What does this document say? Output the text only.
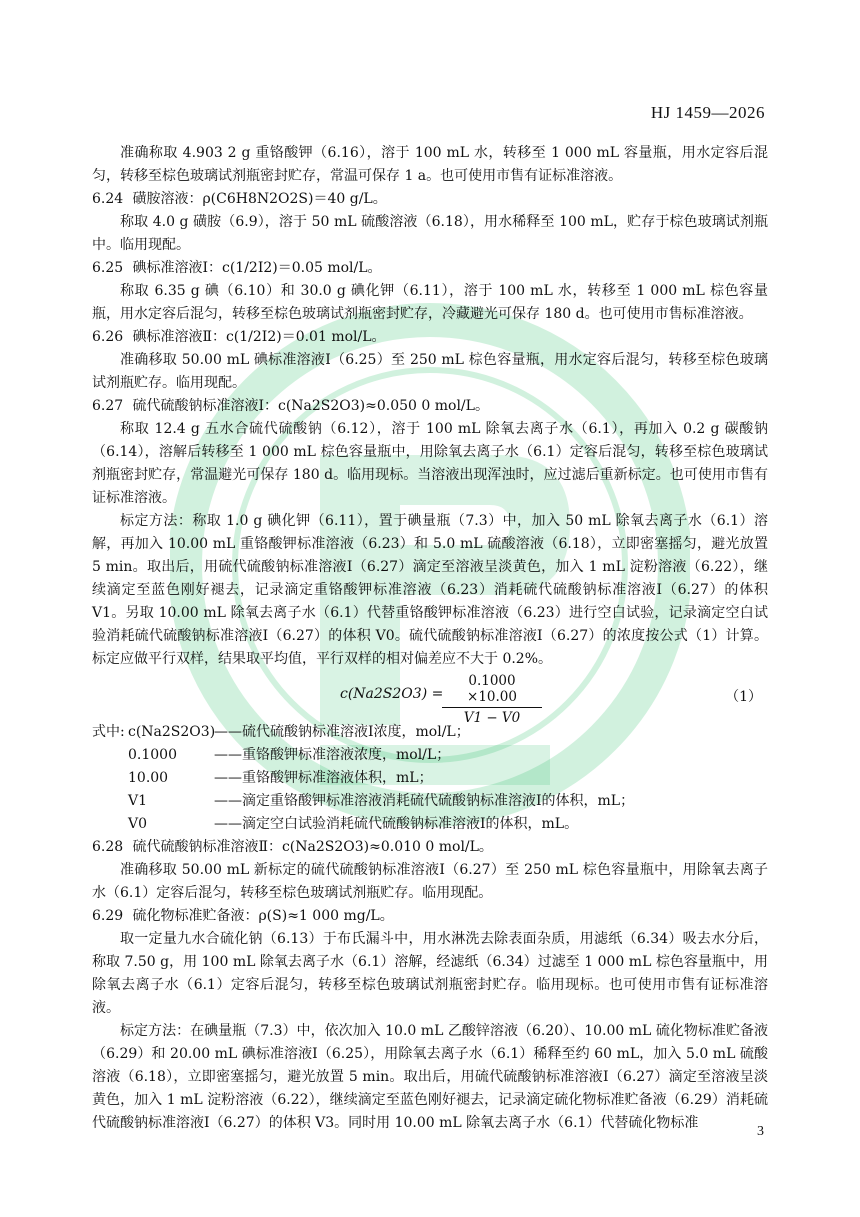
HJ 1459—2026

准确称取 4.903 2 g 重铬酸钾（6.16），溶于 100 mL 水，转移至 1 000 mL 容量瓶，用水定容后混匀，转移至棕色玻璃试剂瓶密封贮存，常温可保存 1 a。也可使用市售有证标准溶液。

6.24 磺胺溶液：ρ(C6H8N2O2S)＝40 g/L。

称取 4.0 g 磺胺（6.9），溶于 50 mL 硫酸溶液（6.18），用水稀释至 100 mL，贮存于棕色玻璃试剂瓶中。临用现配。

6.25 碘标准溶液Ⅰ：c(1/2I2)＝0.05 mol/L。

称取 6.35 g 碘（6.10）和 30.0 g 碘化钾（6.11），溶于 100 mL 水，转移至 1 000 mL 棕色容量瓶，用水定容后混匀，转移至棕色玻璃试剂瓶密封贮存，冷藏避光可保存 180 d。也可使用市售标准溶液。

6.26 碘标准溶液Ⅱ：c(1/2I2)＝0.01 mol/L。

准确移取 50.00 mL 碘标准溶液Ⅰ（6.25）至 250 mL 棕色容量瓶，用水定容后混匀，转移至棕色玻璃试剂瓶贮存。临用现配。

6.27 硫代硫酸钠标准溶液Ⅰ：c(Na2S2O3)≈0.050 0 mol/L。

称取 12.4 g 五水合硫代硫酸钠（6.12），溶于 100 mL 除氧去离子水（6.1），再加入 0.2 g 碳酸钠（6.14），溶解后转移至 1 000 mL 棕色容量瓶中，用除氧去离子水（6.1）定容后混匀，转移至棕色玻璃试剂瓶密封贮存，常温避光可保存 180 d。临用现标。当溶液出现浑浊时，应过滤后重新标定。也可使用市售有证标准溶液。

标定方法：称取 1.0 g 碘化钾（6.11），置于碘量瓶（7.3）中，加入 50 mL 除氧去离子水（6.1）溶解，再加入 10.00 mL 重铬酸钾标准溶液（6.23）和 5.0 mL 硫酸溶液（6.18），立即密塞摇匀，避光放置 5 min。取出后，用硫代硫酸钠标准溶液Ⅰ（6.27）滴定至溶液呈淡黄色，加入 1 mL 淀粉溶液（6.22），继续滴定至蓝色刚好褪去，记录滴定重铬酸钾标准溶液（6.23）消耗硫代硫酸钠标准溶液Ⅰ（6.27）的体积 V1。另取 10.00 mL 除氧去离子水（6.1）代替重铬酸钾标准溶液（6.23）进行空白试验，记录滴定空白试验消耗硫代硫酸钠标准溶液Ⅰ（6.27）的体积 V0。硫代硫酸钠标准溶液Ⅰ（6.27）的浓度按公式（1）计算。标定应做平行双样，结果取平均值，平行双样的相对偏差应不大于 0.2%。

c(Na2S2O3) =
$\frac{0.1000 \times 10.00}{V1 - V0}$	（1）
式中: c(Na2S2O3)——硫代硫酸钠标准溶液Ⅰ浓度，mol/L；
0.1000	——重铬酸钾标准溶液浓度，mol/L；
10.00	——重铬酸钾标准溶液体积，mL；
V1	——滴定重铬酸钾标准溶液消耗硫代硫酸钠标准溶液Ⅰ的体积，mL；
V0	——滴定空白试验消耗硫代硫酸钠标准溶液Ⅰ的体积，mL。
6.28 硫代硫酸钠标准溶液Ⅱ：c(Na2S2O3)≈0.010 0 mol/L。

准确移取 50.00 mL 新标定的硫代硫酸钠标准溶液Ⅰ（6.27）至 250 mL 棕色容量瓶中，用除氧去离子水（6.1）定容后混匀，转移至棕色玻璃试剂瓶贮存。临用现配。

6.29 硫化物标准贮备液：ρ(S)≈1 000 mg/L。

取一定量九水合硫化钠（6.13）于布氏漏斗中，用水淋洗去除表面杂质，用滤纸（6.34）吸去水分后，称取 7.50 g，用 100 mL 除氧去离子水（6.1）溶解，经滤纸（6.34）过滤至 1 000 mL 棕色容量瓶中，用除氧去离子水（6.1）定容后混匀，转移至棕色玻璃试剂瓶密封贮存。临用现标。也可使用市售有证标准溶液。

标定方法：在碘量瓶（7.3）中，依次加入 10.0 mL 乙酸锌溶液（6.20）、10.00 mL 硫化物标准贮备液（6.29）和 20.00 mL 碘标准溶液Ⅰ（6.25），用除氧去离子水（6.1）稀释至约 60 mL，加入 5.0 mL 硫酸溶液（6.18），立即密塞摇匀，避光放置 5 min。取出后，用硫代硫酸钠标准溶液Ⅰ（6.27）滴定至溶液呈淡黄色，加入 1 mL 淀粉溶液（6.22），继续滴定至蓝色刚好褪去，记录滴定硫化物标准贮备液（6.29）消耗硫代硫酸钠标准溶液Ⅰ（6.27）的体积 V3。同时用 10.00 mL 除氧去离子水（6.1）代替硫化物标准

3
